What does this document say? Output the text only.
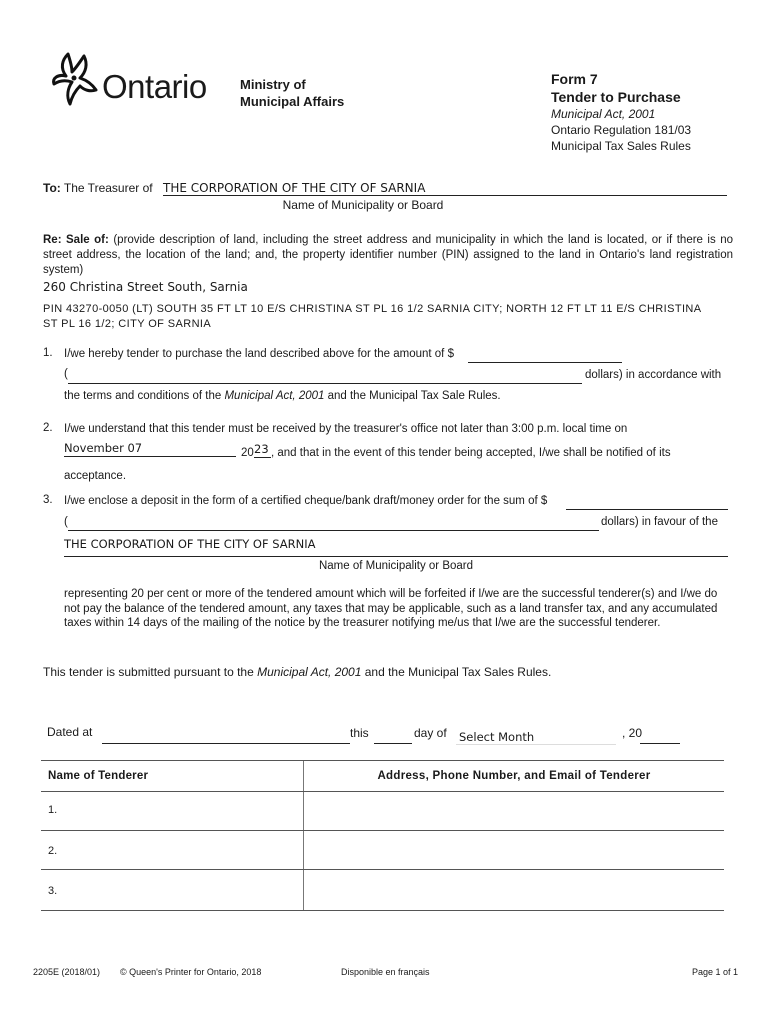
Ontario	Ministry of
Municipal Affairs
Form 7
Tender to Purchase
Municipal Act, 2001
Ontario Regulation 181/03
Municipal Tax Sales Rules
To: The Treasurer of THE CORPORATION OF THE CITY OF SARNIA
Name of Municipality or Board
Re: Sale of: (provide description of land, including the street address and municipality in which the land is located, or if there is no street address, the location of the land; and, the property identifier number (PIN) assigned to the land in Ontario's land registration system)
260 Christina Street South, Sarnia
PIN 43270-0050 (LT) SOUTH 35 FT LT 10 E/S CHRISTINA ST PL 16 1/2 SARNIA CITY; NORTH 12 FT LT 11 E/S CHRISTINA ST PL 16 1/2; CITY OF SARNIA
1. I/we hereby tender to purchase the land described above for the amount of $
(	dollars) in accordance with
the terms and conditions of the Municipal Act, 2001 and the Municipal Tax Sale Rules.
2. I/we understand that this tender must be received by the treasurer's office not later than 3:00 p.m. local time on
November 07	20 23 , and that in the event of this tender being accepted, I/we shall be notified of its
acceptance.
3. I/we enclose a deposit in the form of a certified cheque/bank draft/money order for the sum of $
(	dollars) in favour of the
THE CORPORATION OF THE CITY OF SARNIA
Name of Municipality or Board
representing 20 per cent or more of the tendered amount which will be forfeited if I/we are the successful tenderer(s) and I/we do not pay the balance of the tendered amount, any taxes that may be applicable, such as a land transfer tax, and any accumulated taxes within 14 days of the mailing of the notice by the treasurer notifying me/us that I/we are the successful tenderer.
This tender is submitted pursuant to the Municipal Act, 2001 and the Municipal Tax Sales Rules.
Dated at	this	day of Select Month	, 20
Name of Tenderer	Address, Phone Number, and Email of Tenderer
1.
2.
3.
2205E (2018/01) © Queen's Printer for Ontario, 2018	Disponible en français	Page 1 of 1
